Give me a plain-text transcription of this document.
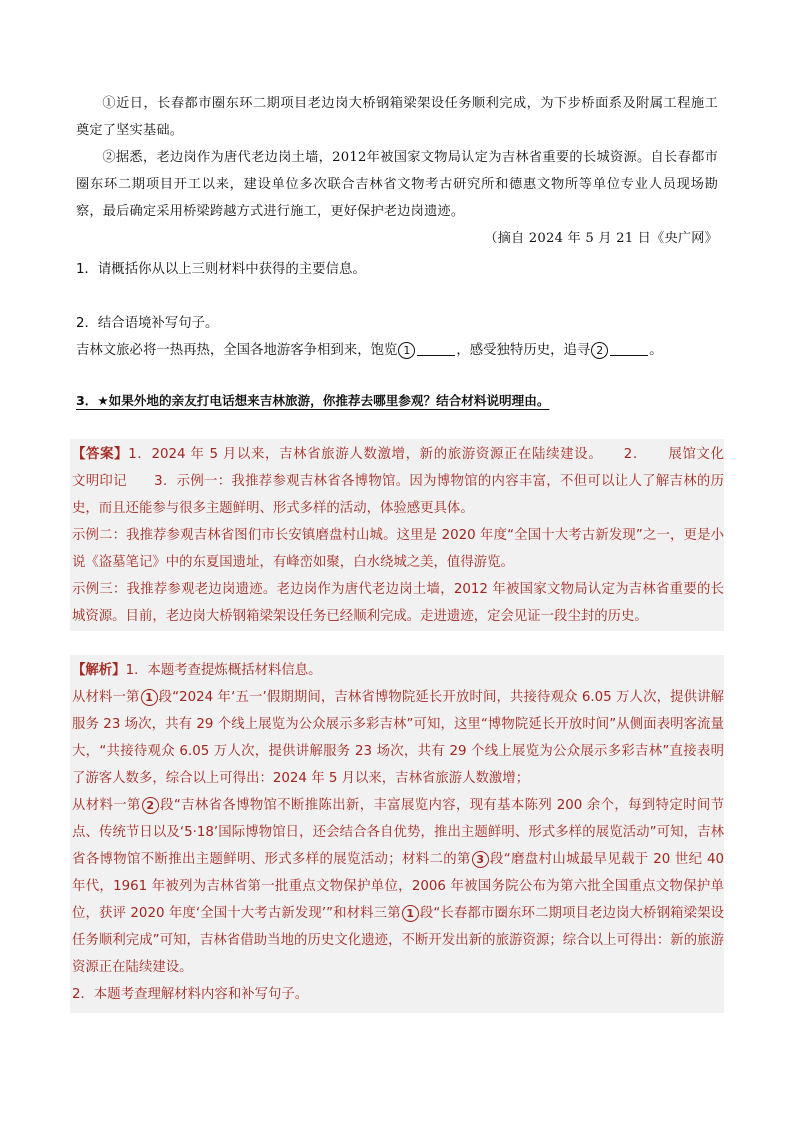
①近日，长春都市圈东环二期项目老边岗大桥钢箱梁架设任务顺利完成，为下步桥面系及附属工程施工奠定了坚实基础。

②据悉，老边岗作为唐代老边岗土墙，2012年被国家文物局认定为吉林省重要的长城资源。自长春都市圈东环二期项目开工以来，建设单位多次联合吉林省文物考古研究所和德惠文物所等单位专业人员现场勘察，最后确定采用桥梁跨越方式进行施工，更好保护老边岗遗迹。

（摘自 2024 年 5 月 21 日《央广网》
1．请概括你从以上三则材料中获得的主要信息。
2．结合语境补写句子。
吉林文旅必将一热再热，全国各地游客争相到来，饱览 1	，感受独特历史，追寻 2	。
3．★如果外地的亲友打电话想来吉林旅游，你推荐去哪里参观？结合材料说明理由。

【答案】1．2024 年 5 月以来，吉林省旅游人数激增，新的旅游资源正在陆续建设。　　2．　　展馆文化　　文明印记　　3．示例一：我推荐参观吉林省各博物馆。因为博物馆的内容丰富，不但可以让人了解吉林的历史，而且还能参与很多主题鲜明、形式多样的活动，体验感更具体。

示例二：我推荐参观吉林省图们市长安镇磨盘村山城。这里是 2020 年度“全国十大考古新发现”之一，更是小说《盗墓笔记》中的东夏国遗址，有峰峦如聚，白水绕城之美，值得游览。

示例三：我推荐参观老边岗遗迹。老边岗作为唐代老边岗土墙，2012 年被国家文物局认定为吉林省重要的长城资源。目前，老边岗大桥钢箱梁架设任务已经顺利完成。走进遗迹，定会见证一段尘封的历史。

【解析】1．本题考查提炼概括材料信息。

从材料一第 1 段“2024 年‘五一’假期期间，吉林省博物院延长开放时间，共接待观众 6.05 万人次，提供讲解服务 23 场次，共有 29 个线上展览为公众展示多彩吉林”可知，这里“博物院延长开放时间”从侧面表明客流量大，“共接待观众 6.05 万人次，提供讲解服务 23 场次，共有 29 个线上展览为公众展示多彩吉林”直接表明了游客人数多，综合以上可得出：2024 年 5 月以来，吉林省旅游人数激增；

从材料一第 2 段“吉林省各博物馆不断推陈出新，丰富展览内容，现有基本陈列 200 余个，每到特定时间节点、传统节日以及‘5·18’国际博物馆日，还会结合各自优势，推出主题鲜明、形式多样的展览活动”可知，吉林省各博物馆不断推出主题鲜明、形式多样的展览活动；材料二的第 3 段“磨盘村山城最早见载于 20 世纪 40 年代，1961 年被列为吉林省第一批重点文物保护单位，2006 年被国务院公布为第六批全国重点文物保护单位，获评 2020 年度‘全国十大考古新发现’”和材料三第 1 段“长春都市圈东环二期项目老边岗大桥钢箱梁架设任务顺利完成”可知，吉林省借助当地的历史文化遗迹，不断开发出新的旅游资源；综合以上可得出：新的旅游资源正在陆续建设。

2．本题考查理解材料内容和补写句子。
